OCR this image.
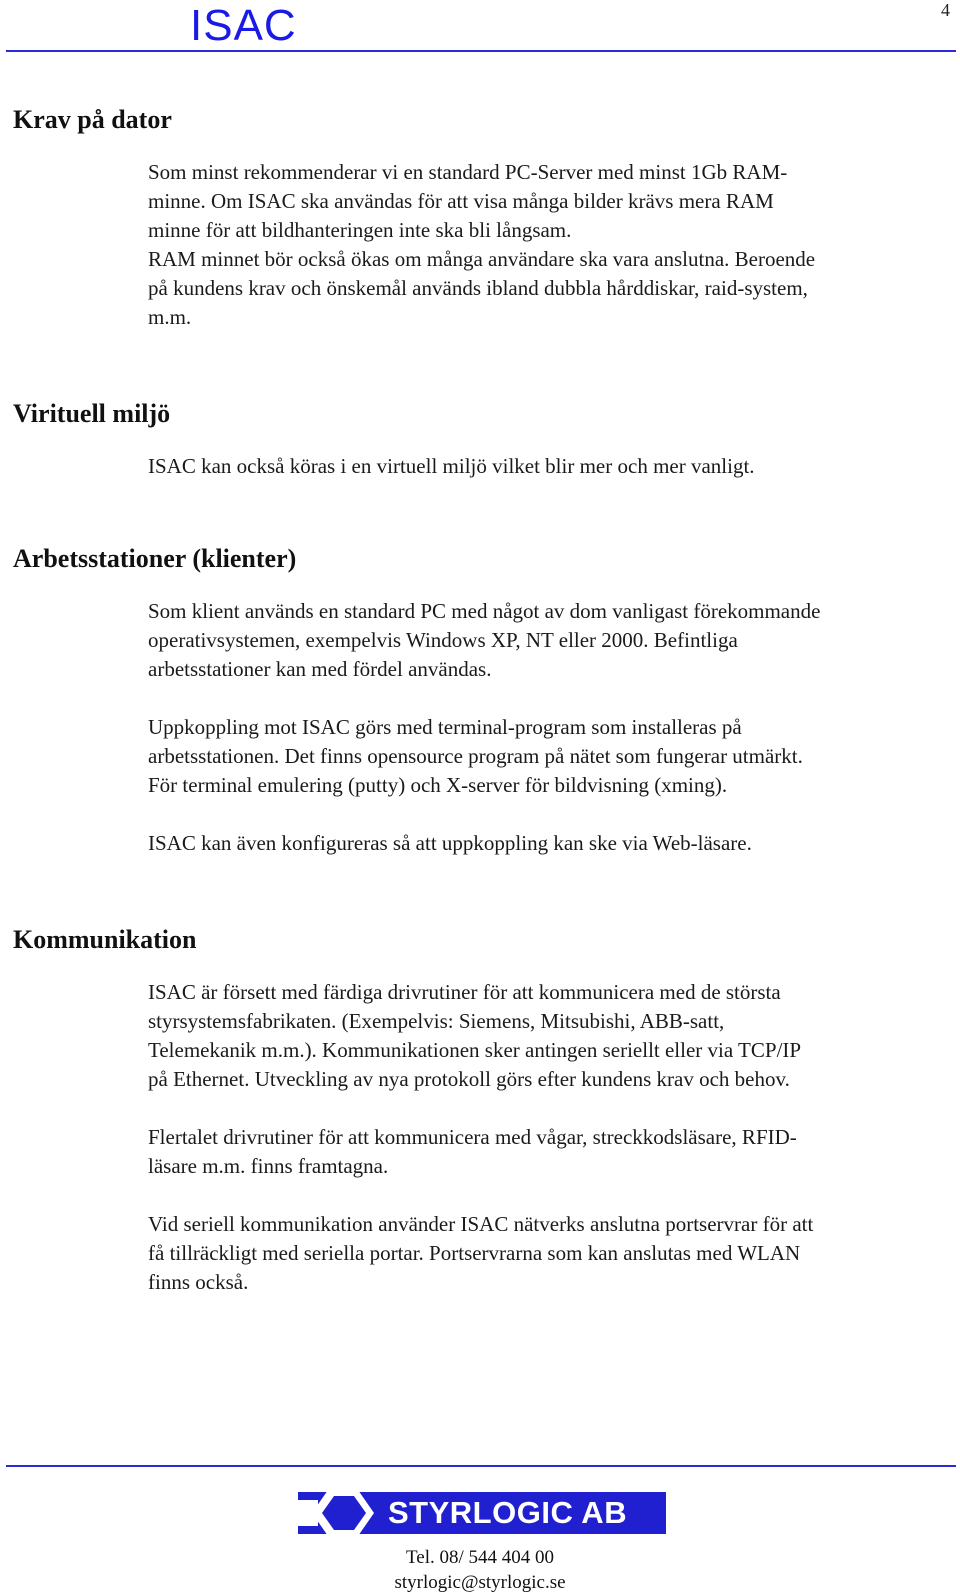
ISAC	4
Krav på dator

Som minst rekommenderar vi en standard PC-Server med minst 1Gb RAM-
minne. Om ISAC ska användas för att visa många bilder krävs mera RAM
minne för att bildhanteringen inte ska bli långsam.
RAM minnet bör också ökas om många användare ska vara anslutna. Beroende
på kundens krav och önskemål används ibland dubbla hårddiskar, raid-system,
m.m.

Virituell miljö

ISAC kan också köras i en virtuell miljö vilket blir mer och mer vanligt.

Arbetsstationer (klienter)

Som klient används en standard PC med något av dom vanligast förekommande
operativsystemen, exempelvis Windows XP, NT eller 2000. Befintliga
arbetsstationer kan med fördel användas.

Uppkoppling mot ISAC görs med terminal-program som installeras på
arbetsstationen. Det finns opensource program på nätet som fungerar utmärkt.
För terminal emulering (putty) och X-server för bildvisning (xming).

ISAC kan även konfigureras så att uppkoppling kan ske via Web-läsare.

Kommunikation

ISAC är försett med färdiga drivrutiner för att kommunicera med de största
styrsystemsfabrikaten. (Exempelvis: Siemens, Mitsubishi, ABB-satt,
Telemekanik m.m.). Kommunikationen sker antingen seriellt eller via TCP/IP
på Ethernet. Utveckling av nya protokoll görs efter kundens krav och behov.

Flertalet drivrutiner för att kommunicera med vågar, streckkodsläsare, RFID-
läsare m.m. finns framtagna.

Vid seriell kommunikation använder ISAC nätverks anslutna portservrar för att
få tillräckligt med seriella portar. Portservrarna som kan anslutas med WLAN
finns också.

STYRLOGIC AB
Tel. 08/ 544 404 00
styrlogic@styrlogic.se
